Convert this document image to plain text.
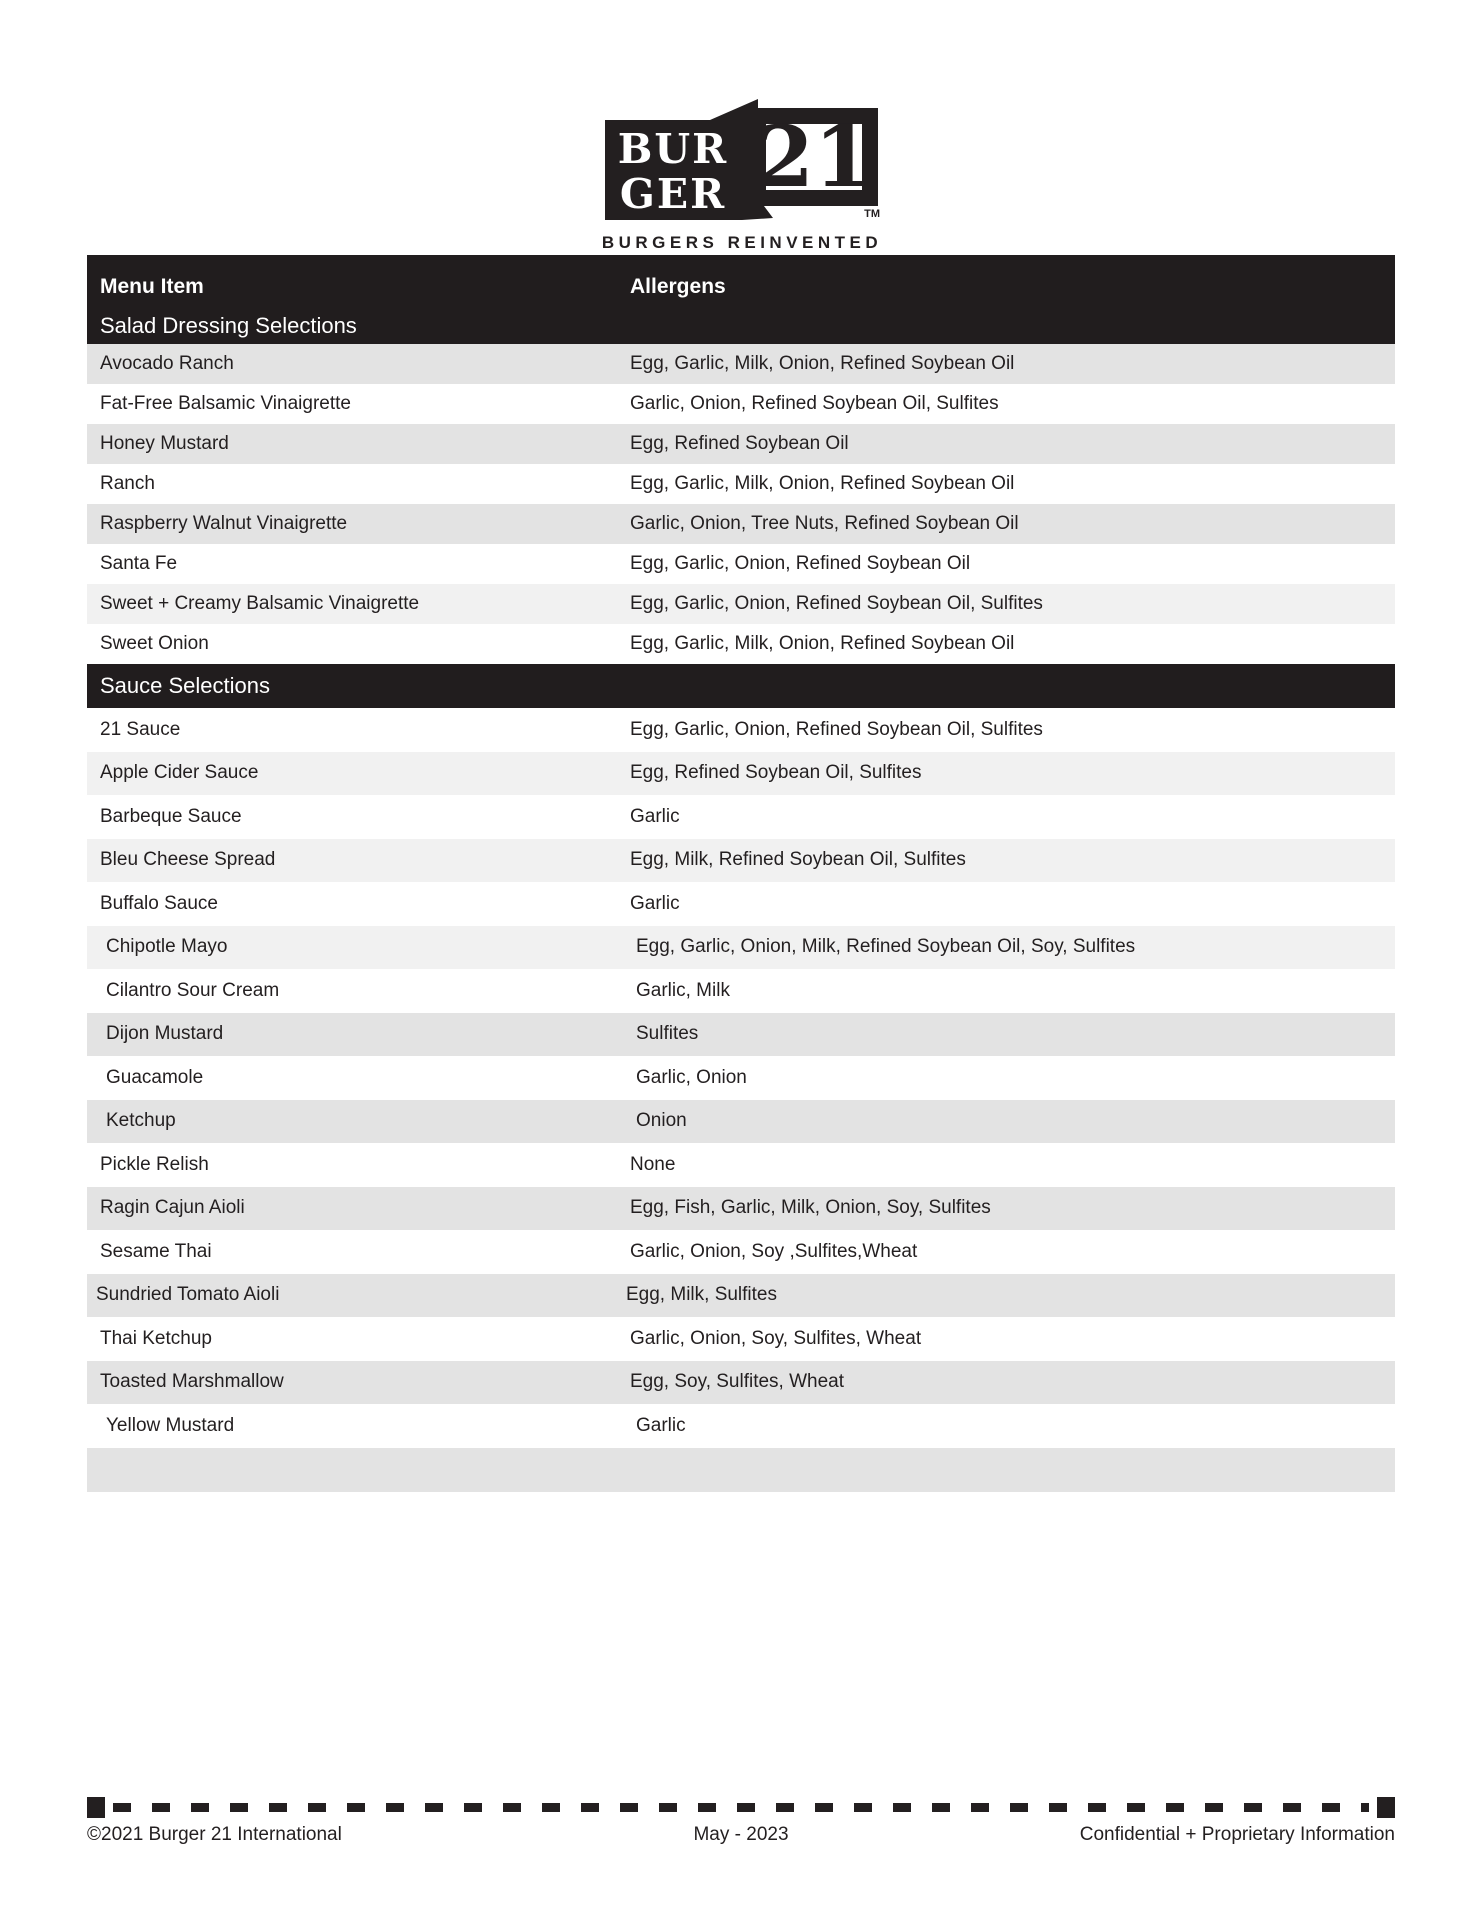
BUR
GER 21
TM
BURGERS REINVENTED
Menu Item	Allergens
Salad Dressing Selections
Avocado Ranch	Egg, Garlic, Milk, Onion, Refined Soybean Oil
Fat-Free Balsamic Vinaigrette	Garlic, Onion, Refined Soybean Oil, Sulfites
Honey Mustard	Egg, Refined Soybean Oil
Ranch	Egg, Garlic, Milk, Onion, Refined Soybean Oil
Raspberry Walnut Vinaigrette	Garlic, Onion, Tree Nuts, Refined Soybean Oil
Santa Fe	Egg, Garlic, Onion, Refined Soybean Oil
Sweet + Creamy Balsamic Vinaigrette	Egg, Garlic, Onion, Refined Soybean Oil, Sulfites
Sweet Onion	Egg, Garlic, Milk, Onion, Refined Soybean Oil
Sauce Selections
21 Sauce	Egg, Garlic, Onion, Refined Soybean Oil, Sulfites
Apple Cider Sauce	Egg, Refined Soybean Oil, Sulfites
Barbeque Sauce	Garlic
Bleu Cheese Spread	Egg, Milk, Refined Soybean Oil, Sulfites
Buffalo Sauce	Garlic
Chipotle Mayo	Egg, Garlic, Onion, Milk, Refined Soybean Oil, Soy, Sulfites
Cilantro Sour Cream	Garlic, Milk
Dijon Mustard	Sulfites
Guacamole	Garlic, Onion
Ketchup	Onion
Pickle Relish	None
Ragin Cajun Aioli	Egg, Fish, Garlic, Milk, Onion, Soy, Sulfites
Sesame Thai	Garlic, Onion, Soy ,Sulfites,Wheat
Sundried Tomato Aioli	Egg, Milk, Sulfites
Thai Ketchup	Garlic, Onion, Soy, Sulfites, Wheat
Toasted Marshmallow	Egg, Soy, Sulfites, Wheat
Yellow Mustard	Garlic
©2021 Burger 21 International	May - 2023	Confidential + Proprietary Information
